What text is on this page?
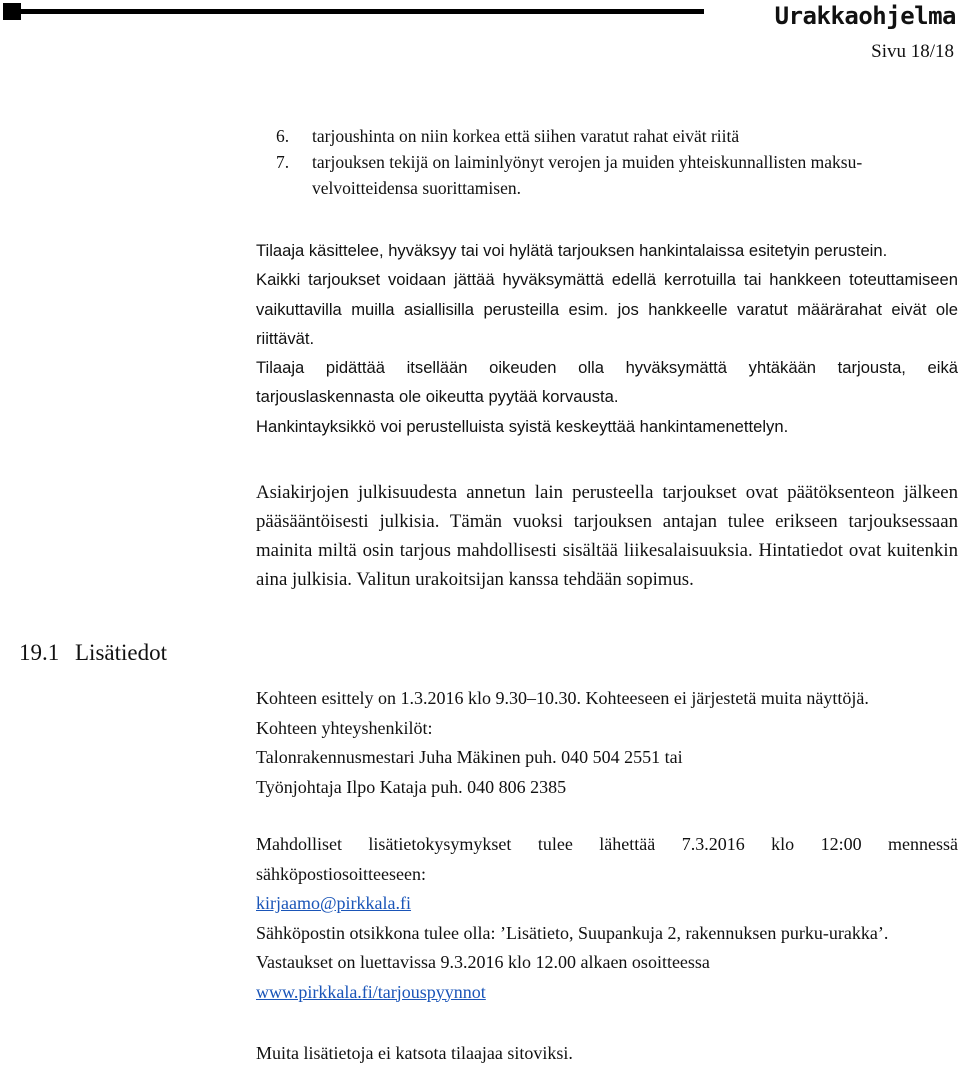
Urakkaohjelma
Sivu 18/18
6. tarjoushinta on niin korkea että siihen varatut rahat eivät riitä
7. tarjouksen tekijä on laiminlyönyt verojen ja muiden yhteiskunnallisten maksu-velvoitteidensa suorittamisen.

Tilaaja käsittelee, hyväksyy tai voi hylätä tarjouksen hankintalaissa esitetyin perustein.

Kaikki tarjoukset voidaan jättää hyväksymättä edellä kerrotuilla tai hankkeen toteuttamiseen vaikuttavilla muilla asiallisilla perusteilla esim. jos hankkeelle varatut määrärahat eivät ole riittävät.

Tilaaja pidättää itsellään oikeuden olla hyväksymättä yhtäkään tarjousta, eikä tarjouslaskennasta ole oikeutta pyytää korvausta.

Hankintayksikkö voi perustelluista syistä keskeyttää hankintamenettelyn.

Asiakirjojen julkisuudesta annetun lain perusteella tarjoukset ovat päätöksenteon jälkeen pääsääntöisesti julkisia. Tämän vuoksi tarjouksen antajan tulee erikseen tarjouksessaan mainita miltä osin tarjous mahdollisesti sisältää liikesalaisuuksia. Hintatiedot ovat kuitenkin aina julkisia. Valitun urakoitsijan kanssa tehdään sopimus.

19.1 Lisätiedot

Kohteen esittely on 1.3.2016 klo 9.30–10.30. Kohteeseen ei järjestetä muita näyttöjä.

Kohteen yhteyshenkilöt:

Talonrakennusmestari Juha Mäkinen puh. 040 504 2551 tai

Työnjohtaja Ilpo Kataja puh. 040 806 2385

Mahdolliset lisätietokysymykset tulee lähettää 7.3.2016 klo 12:00 mennessä sähköpostiosoitteeseen:

kirjaamo@pirkkala.fi

Sähköpostin otsikkona tulee olla: ’Lisätieto, Suupankuja 2, rakennuksen purku-urakka’.

Vastaukset on luettavissa 9.3.2016 klo 12.00 alkaen osoitteessa

www.pirkkala.fi/tarjouspyynnot

Muita lisätietoja ei katsota tilaajaa sitoviksi.
